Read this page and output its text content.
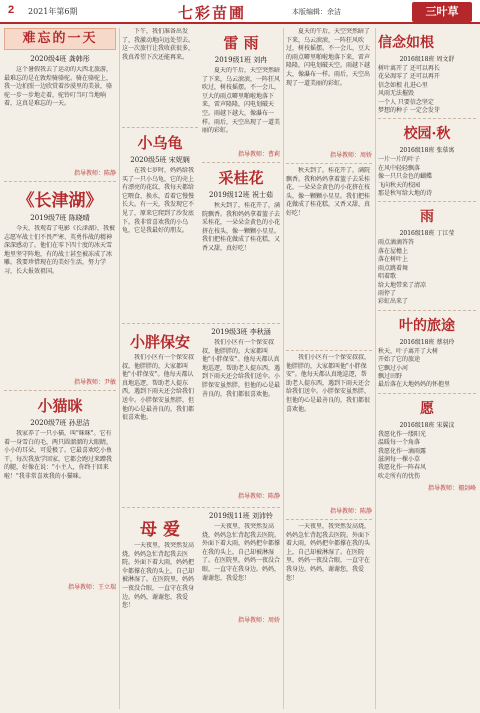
2 2021年第6期	七彩苗圃	本版编辑：余洁	三叶草
难忘的一天
2020级4班 龚韩彤

这个暑假我去了运动的大西北旅游，最难忘的是在敦煌骑骆驼。骑在骆驼上，我一边拍照一边欣赏着沙漠里的美景，骆驼一步一步地走着，驼铃叮当叮当地响着，这真是难忘的一天。

指导教师：陈静
《长津湖》
2019级7班 陈晓晴

今天，我观看了电影《长津湖》，我被志愿军战士们不畏严寒、英勇作战的精神深深感动了。他们在零下四十度的冰天雪地里坚守阵地，有的战士甚至被冻成了冰雕。我要珍惜现在的美好生活，努力学习，长大报效祖国。

指导教师：尹敏
小猫咪
2020级7班 孙思洁

我家养了一只小猫，叫"咪咪"。它有着一身雪白的毛，两只圆溜溜的大眼睛，小小的耳朵，可爱极了。它最喜欢吃小鱼干，每次我放学回家，它都会跑过来蹭我的腿，好像在说："小主人，你终于回来啦！"我非常喜欢我的小猫咪。

指导教师：王立瑞

下午，我们准备出发了，我激动地向远处望去。这一次旅行让我收获很多，我真希望下次还能再来。

小乌龟
2020级5班 宋妮娴

在我七岁时，妈妈给我买了一只小乌龟，它的壳上有漂亮的花纹，我每天都给它喂食、换水，看着它慢慢长大。有一天，我发现它不见了，原来它爬到了沙发底下。我非常喜欢我的小乌龟，它是我最好的朋友。

雷 雨
2019级1班 刘冉

夏天的午后，天空突然暗了下来，乌云滚滚，一阵狂风吹过，树枝摇摆。不一会儿，豆大的雨点噼里啪啦地落下来，雷声隆隆，闪电划破天空。雨越下越大，像瀑布一样。雨后，天空出现了一道美丽的彩虹。

指导教师：曹莉
采桂花
2019级12班 祝士茹

秋天到了，桂花开了，满院飘香。我和妈妈拿着篮子去采桂花，一朵朵金黄色的小花挤在枝头，像一颗颗小星星。我们把桂花做成了桂花糕，又香又甜，真好吃！

小胖保安

我们小区有一个保安叔叔，他胖胖的，大家都叫他"小胖保安"。他每天都认真地巡逻，帮助老人提东西，遇到下雨天还会给我们送伞。小胖保安虽然胖，但他的心是最善良的，我们都很喜欢他。

2019级3班 李秋涵

我们小区有一个保安叔叔，他胖胖的，大家都叫他"小胖保安"。他每天都认真地巡逻，帮助老人提东西，遇到下雨天还会给我们送伞。小胖保安虽然胖，但他的心是最善良的，我们都很喜欢他。

指导教师：陈静
母 爱

一天夜里，我突然发高烧，妈妈急忙背起我去医院。外面下着大雨，妈妈把伞都撑在我的头上，自己却被淋湿了。在医院里，妈妈一夜没合眼，一直守在我身边。妈妈，谢谢您，我爱您！

2019级11班 刘沛铃

一天夜里，我突然发高烧，妈妈急忙背起我去医院。外面下着大雨，妈妈把伞都撑在我的头上，自己却被淋湿了。在医院里，妈妈一夜没合眼，一直守在我身边。妈妈，谢谢您，我爱您！

指导教师：周娇

夏天的午后，天空突然暗了下来，乌云滚滚，一阵狂风吹过，树枝摇摆。不一会儿，豆大的雨点噼里啪啦地落下来，雷声隆隆，闪电划破天空。雨越下越大，像瀑布一样。雨后，天空出现了一道美丽的彩虹。

指导教师：周娇

秋天到了，桂花开了，满院飘香。我和妈妈拿着篮子去采桂花，一朵朵金黄色的小花挤在枝头，像一颗颗小星星。我们把桂花做成了桂花糕，又香又甜，真好吃！

我们小区有一个保安叔叔，他胖胖的，大家都叫他"小胖保安"。他每天都认真地巡逻，帮助老人提东西，遇到下雨天还会给我们送伞。小胖保安虽然胖，但他的心是最善良的，我们都很喜欢他。

指导教师：陈静

一天夜里，我突然发高烧，妈妈急忙背起我去医院。外面下着大雨，妈妈把伞都撑在我的头上，自己却被淋湿了。在医院里，妈妈一夜没合眼，一直守在我身边。妈妈，谢谢您，我爱您！

信念如根
2016级18班 周文舒
树叶离开了 还可以再长
花朵凋零了 还可以再开
信念如根 扎进心里
风雨无法摧毁
一个人 只要信念坚定
梦想的种子 一定会发芽
校园·秋
2016级18班 张慕寓
一片一片的叶子
在风中轻轻飘落
像一只只金色的蝴蝶
飞向秋天的校园
那是秋写给大地的诗
雨
2016级18班 丁江莹
雨点滴滴答答
落在屋檐上
落在树叶上
雨点跳着舞
唱着歌
给大地带来了清凉
雨停了
彩虹出来了
叶的旅途
2016级18班 蔡羽玲
秋天，叶子离开了大树
开始了它的旅途
它飘过小河
飘过田野
最后落在大地妈妈的怀抱里
愿
2016级18班 宋翼汶
我愿化作一缕阳光
温暖每一个角落
我愿化作一滴雨露
滋润每一棵小草
我愿化作一阵春风
吹走所有的忧伤
指导教师：禤剑峰
